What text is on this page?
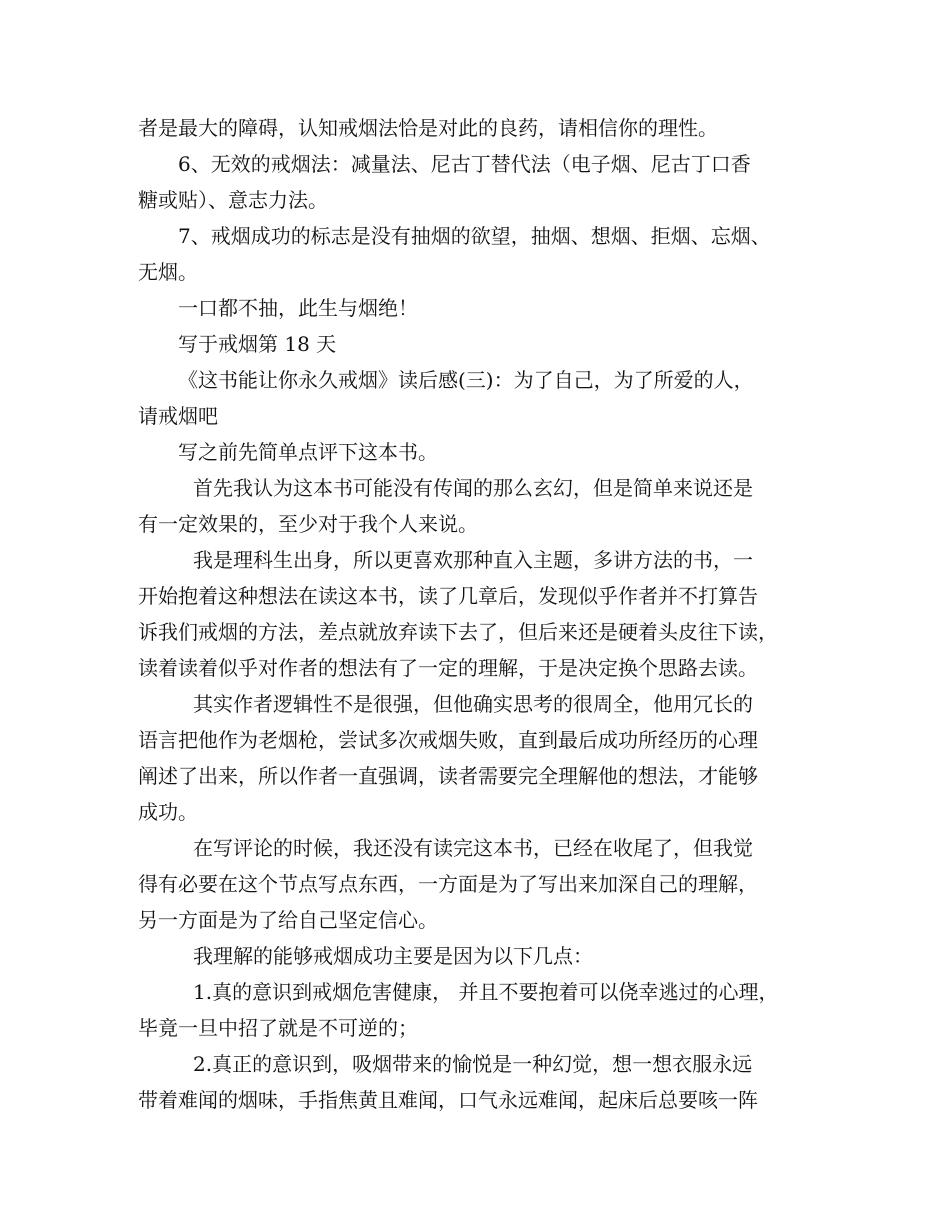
者是最大的障碍，认知戒烟法恰是对此的良药，请相信你的理性。
6、无效的戒烟法：减量法、尼古丁替代法（电子烟、尼古丁口香
糖或贴）、意志力法。
7、戒烟成功的标志是没有抽烟的欲望，抽烟、想烟、拒烟、忘烟、
无烟。
一口都不抽，此生与烟绝！
写于戒烟第 18 天
《这书能让你永久戒烟》读后感(三)：为了自己，为了所爱的人，
请戒烟吧
写之前先简单点评下这本书。
首先我认为这本书可能没有传闻的那么玄幻，但是简单来说还是
有一定效果的，至少对于我个人来说。
我是理科生出身，所以更喜欢那种直入主题，多讲方法的书，一
开始抱着这种想法在读这本书，读了几章后，发现似乎作者并不打算告
诉我们戒烟的方法，差点就放弃读下去了，但后来还是硬着头皮往下读，
读着读着似乎对作者的想法有了一定的理解，于是决定换个思路去读。
其实作者逻辑性不是很强，但他确实思考的很周全，他用冗长的
语言把他作为老烟枪，尝试多次戒烟失败，直到最后成功所经历的心理
阐述了出来，所以作者一直强调，读者需要完全理解他的想法，才能够
成功。
在写评论的时候，我还没有读完这本书，已经在收尾了，但我觉
得有必要在这个节点写点东西，一方面是为了写出来加深自己的理解，
另一方面是为了给自己坚定信心。
我理解的能够戒烟成功主要是因为以下几点：
1.真的意识到戒烟危害健康， 并且不要抱着可以侥幸逃过的心理，
毕竟一旦中招了就是不可逆的；
2.真正的意识到，吸烟带来的愉悦是一种幻觉，想一想衣服永远
带着难闻的烟味，手指焦黄且难闻，口气永远难闻，起床后总要咳一阵
